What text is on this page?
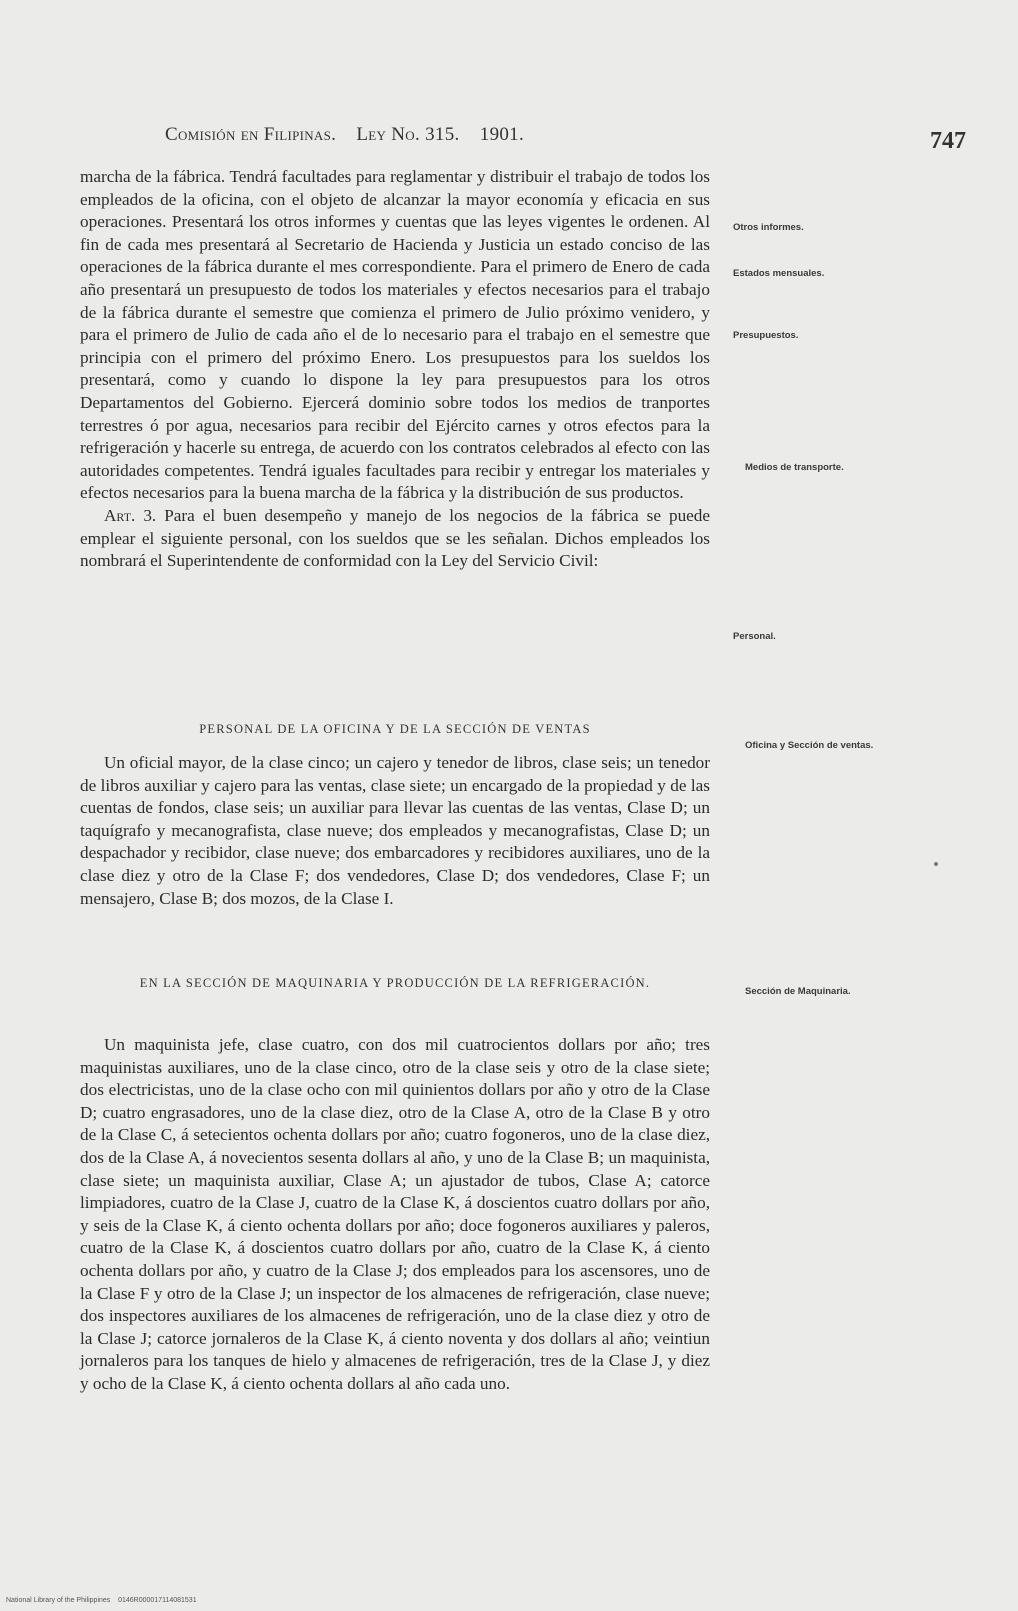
Comisión en Filipinas. Ley No. 315. 1901.	747

marcha de la fábrica. Tendrá facultades para reglamentar y distribuir el trabajo de todos los empleados de la oficina, con el objeto de alcanzar la mayor economía y eficacia en sus operaciones. Presentará los otros informes y cuentas que las leyes vigentes le ordenen. Al fin de cada mes presentará al Secretario de Hacienda y Justicia un estado conciso de las operaciones de la fábrica durante el mes correspondiente. Para el primero de Enero de cada año presentará un presupuesto de todos los materiales y efectos necesarios para el trabajo de la fábrica durante el semestre que comienza el primero de Julio próximo venidero, y para el primero de Julio de cada año el de lo necesario para el trabajo en el semestre que principia con el primero del próximo Enero. Los presupuestos para los sueldos los presentará, como y cuando lo dispone la ley para presupuestos para los otros Departamentos del Gobierno. Ejercerá dominio sobre todos los medios de tranportes terrestres ó por agua, necesarios para recibir del Ejército carnes y otros efectos para la refrigeración y hacerle su entrega, de acuerdo con los contratos celebrados al efecto con las autoridades competentes. Tendrá iguales facultades para recibir y entregar los materiales y efectos necesarios para la buena marcha de la fábrica y la distribución de sus productos.

Art. 3. Para el buen desempeño y manejo de los negocios de la fábrica se puede emplear el siguiente personal, con los sueldos que se les señalan. Dichos empleados los nombrará el Superintendente de conformidad con la Ley del Servicio Civil:

PERSONAL DE LA OFICINA Y DE LA SECCIÓN DE VENTAS

Un oficial mayor, de la clase cinco; un cajero y tenedor de libros, clase seis; un tenedor de libros auxiliar y cajero para las ventas, clase siete; un encargado de la propiedad y de las cuentas de fondos, clase seis; un auxiliar para llevar las cuentas de las ventas, Clase D; un taquígrafo y mecanografista, clase nueve; dos empleados y mecanografistas, Clase D; un despachador y recibidor, clase nueve; dos embarcadores y recibidores auxiliares, uno de la clase diez y otro de la Clase F; dos vendedores, Clase D; dos vendedores, Clase F; un mensajero, Clase B; dos mozos, de la Clase I.

EN LA SECCIÓN DE MAQUINARIA Y PRODUCCIÓN DE LA REFRIGERACIÓN.

Un maquinista jefe, clase cuatro, con dos mil cuatrocientos dollars por año; tres maquinistas auxiliares, uno de la clase cinco, otro de la clase seis y otro de la clase siete; dos electricistas, uno de la clase ocho con mil quinientos dollars por año y otro de la Clase D; cuatro engrasadores, uno de la clase diez, otro de la Clase A, otro de la Clase B y otro de la Clase C, á setecientos ochenta dollars por año; cuatro fogoneros, uno de la clase diez, dos de la Clase A, á novecientos sesenta dollars al año, y uno de la Clase B; un maquinista, clase siete; un maquinista auxiliar, Clase A; un ajustador de tubos, Clase A; catorce limpiadores, cuatro de la Clase J, cuatro de la Clase K, á doscientos cuatro dollars por año, y seis de la Clase K, á ciento ochenta dollars por año; doce fogoneros auxiliares y paleros, cuatro de la Clase K, á doscientos cuatro dollars por año, cuatro de la Clase K, á ciento ochenta dollars por año, y cuatro de la Clase J; dos empleados para los ascensores, uno de la Clase F y otro de la Clase J; un inspector de los almacenes de refrigeración, clase nueve; dos inspectores auxiliares de los almacenes de refrigeración, uno de la clase diez y otro de la Clase J; catorce jornaleros de la Clase K, á ciento noventa y dos dollars al año; veintiun jornaleros para los tanques de hielo y almacenes de refrigeración, tres de la Clase J, y diez y ocho de la Clase K, á ciento ochenta dollars al año cada uno.

Otros informes.
Estados mensuales.
Presupuestos.
Medios de transporte.
Personal.
Oficina y Sección de ventas.
Sección de Maquinaria.
National Library of the Philippines 0146R000017114081531
